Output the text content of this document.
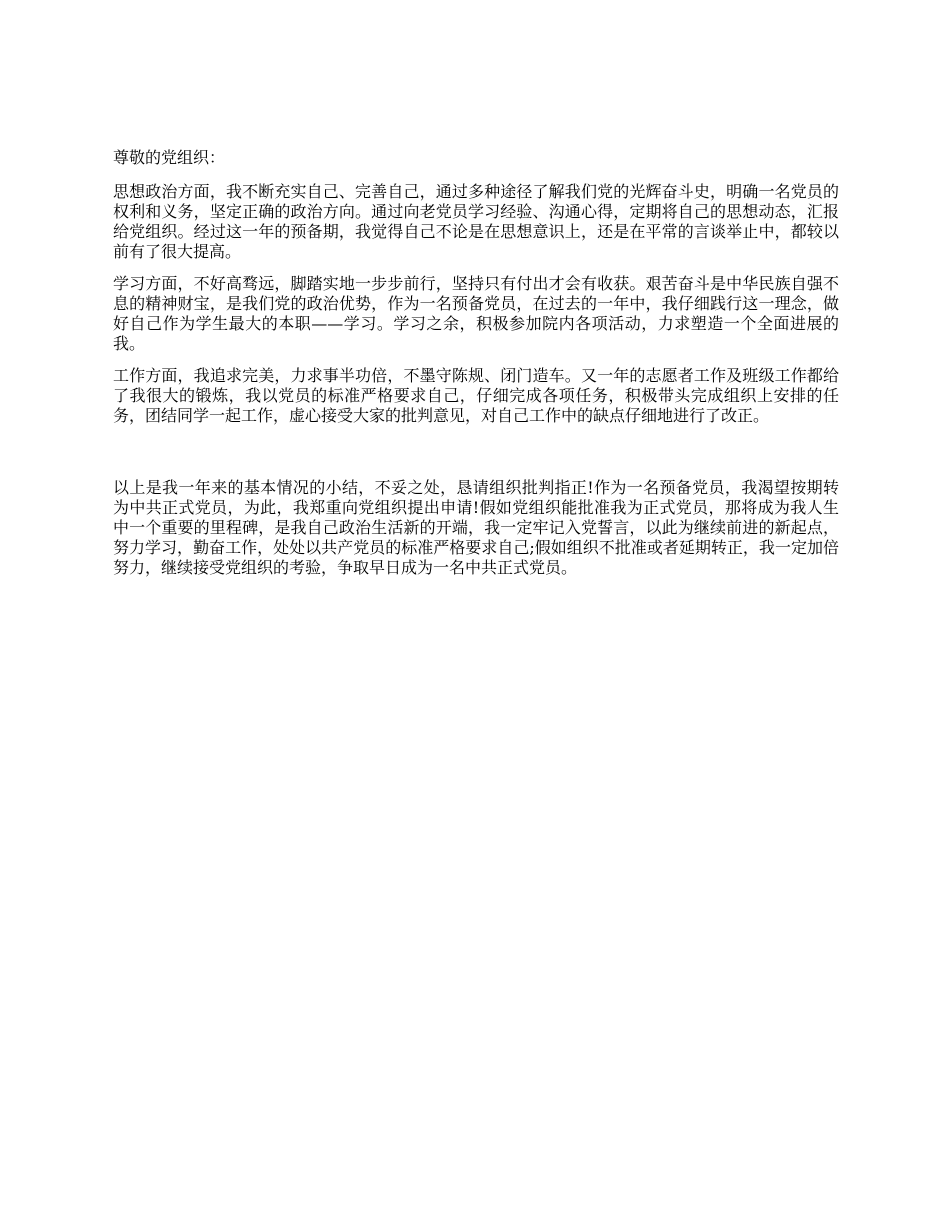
尊敬的党组织：

思想政治方面，我不断充实自己、完善自己，通过多种途径了解我们党的光辉奋斗史，明确一名党员的权利和义务，坚定正确的政治方向。通过向老党员学习经验、沟通心得，定期将自己的思想动态，汇报给党组织。经过这一年的预备期，我觉得自己不论是在思想意识上，还是在平常的言谈举止中，都较以前有了很大提高。

学习方面，不好高骛远，脚踏实地一步步前行，坚持只有付出才会有收获。艰苦奋斗是中华民族自强不息的精神财宝，是我们党的政治优势，作为一名预备党员，在过去的一年中，我仔细践行这一理念，做好自己作为学生最大的本职——学习。学习之余，积极参加院内各项活动，力求塑造一个全面进展的我。

工作方面，我追求完美，力求事半功倍，不墨守陈规、闭门造车。又一年的志愿者工作及班级工作都给了我很大的锻炼，我以党员的标准严格要求自己，仔细完成各项任务，积极带头完成组织上安排的任务，团结同学一起工作，虚心接受大家的批判意见，对自己工作中的缺点仔细地进行了改正。

以上是我一年来的基本情况的小结，不妥之处，恳请组织批判指正!作为一名预备党员，我渴望按期转为中共正式党员，为此，我郑重向党组织提出申请!假如党组织能批准我为正式党员，那将成为我人生中一个重要的里程碑，是我自己政治生活新的开端，我一定牢记入党誓言，以此为继续前进的新起点，努力学习，勤奋工作，处处以共产党员的标准严格要求自己;假如组织不批准或者延期转正，我一定加倍努力，继续接受党组织的考验，争取早日成为一名中共正式党员。
